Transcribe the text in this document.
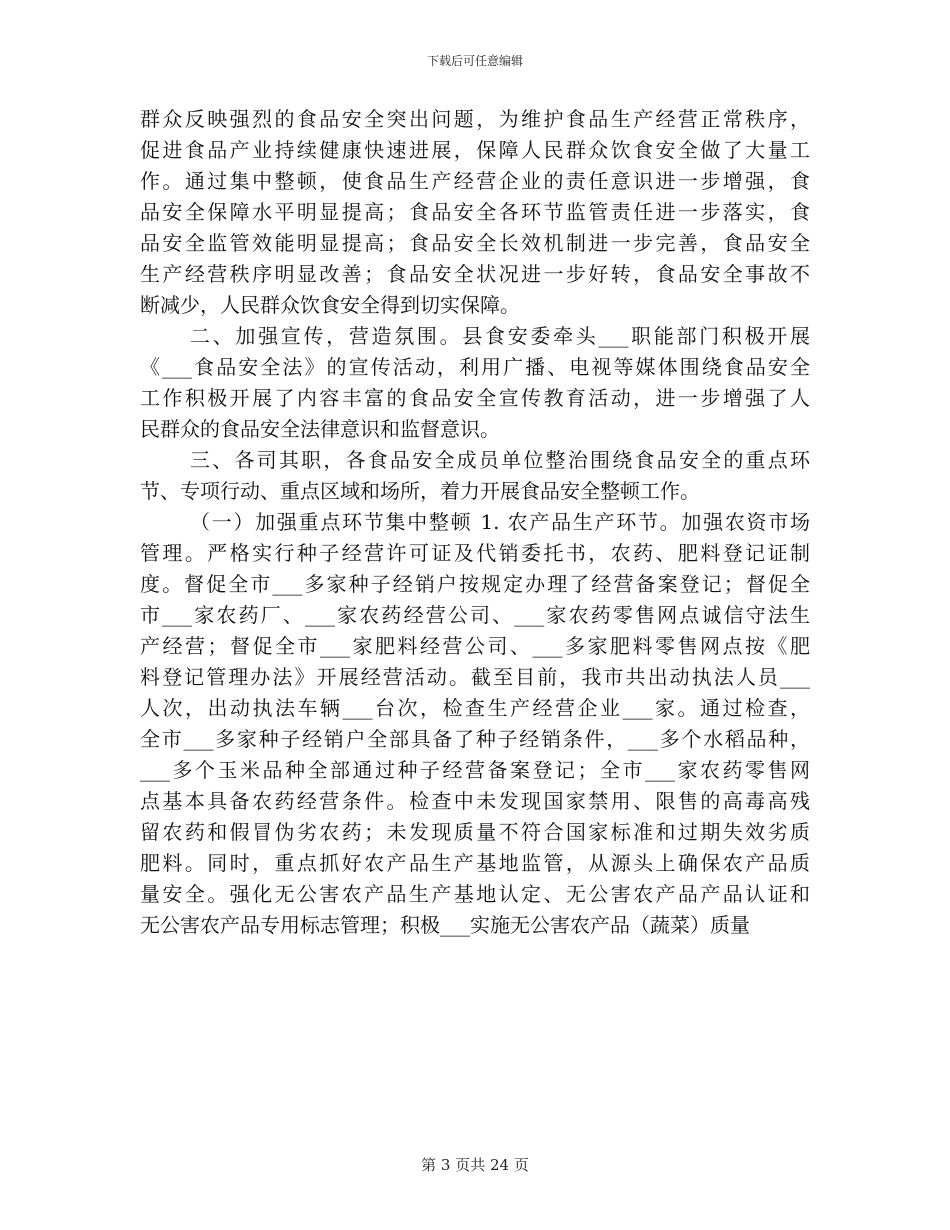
下载后可任意编辑
群众反映强烈的食品安全突出问题，为维护食品生产经营正常秩序，
促进食品产业持续健康快速进展，保障人民群众饮食安全做了大量工
作。通过集中整顿，使食品生产经营企业的责任意识进一步增强，食
品安全保障水平明显提高；食品安全各环节监管责任进一步落实，食
品安全监管效能明显提高；食品安全长效机制进一步完善，食品安全
生产经营秩序明显改善；食品安全状况进一步好转，食品安全事故不
断减少，人民群众饮食安全得到切实保障。
二、加强宣传，营造氛围。县食安委牵头___职能部门积极开展
《___食品安全法》的宣传活动，利用广播、电视等媒体围绕食品安全
工作积极开展了内容丰富的食品安全宣传教育活动，进一步增强了人
民群众的食品安全法律意识和监督意识。
三、各司其职，各食品安全成员单位整治围绕食品安全的重点环
节、专项行动、重点区域和场所，着力开展食品安全整顿工作。
（一）加强重点环节集中整顿 1. 农产品生产环节。加强农资市场
管理。严格实行种子经营许可证及代销委托书，农药、肥料登记证制
度。督促全市___多家种子经销户按规定办理了经营备案登记；督促全
市___家农药厂、___家农药经营公司、___家农药零售网点诚信守法生
产经营；督促全市___家肥料经营公司、___多家肥料零售网点按《肥
料登记管理办法》开展经营活动。截至目前，我市共出动执法人员___
人次，出动执法车辆___台次，检查生产经营企业___家。通过检查，
全市___多家种子经销户全部具备了种子经销条件，___多个水稻品种，
___多个玉米品种全部通过种子经营备案登记；全市___家农药零售网
点基本具备农药经营条件。检查中未发现国家禁用、限售的高毒高残
留农药和假冒伪劣农药；未发现质量不符合国家标准和过期失效劣质
肥料。同时，重点抓好农产品生产基地监管，从源头上确保农产品质
量安全。强化无公害农产品生产基地认定、无公害农产品产品认证和
无公害农产品专用标志管理；积极___实施无公害农产品（蔬菜）质量
第 3 页共 24 页
